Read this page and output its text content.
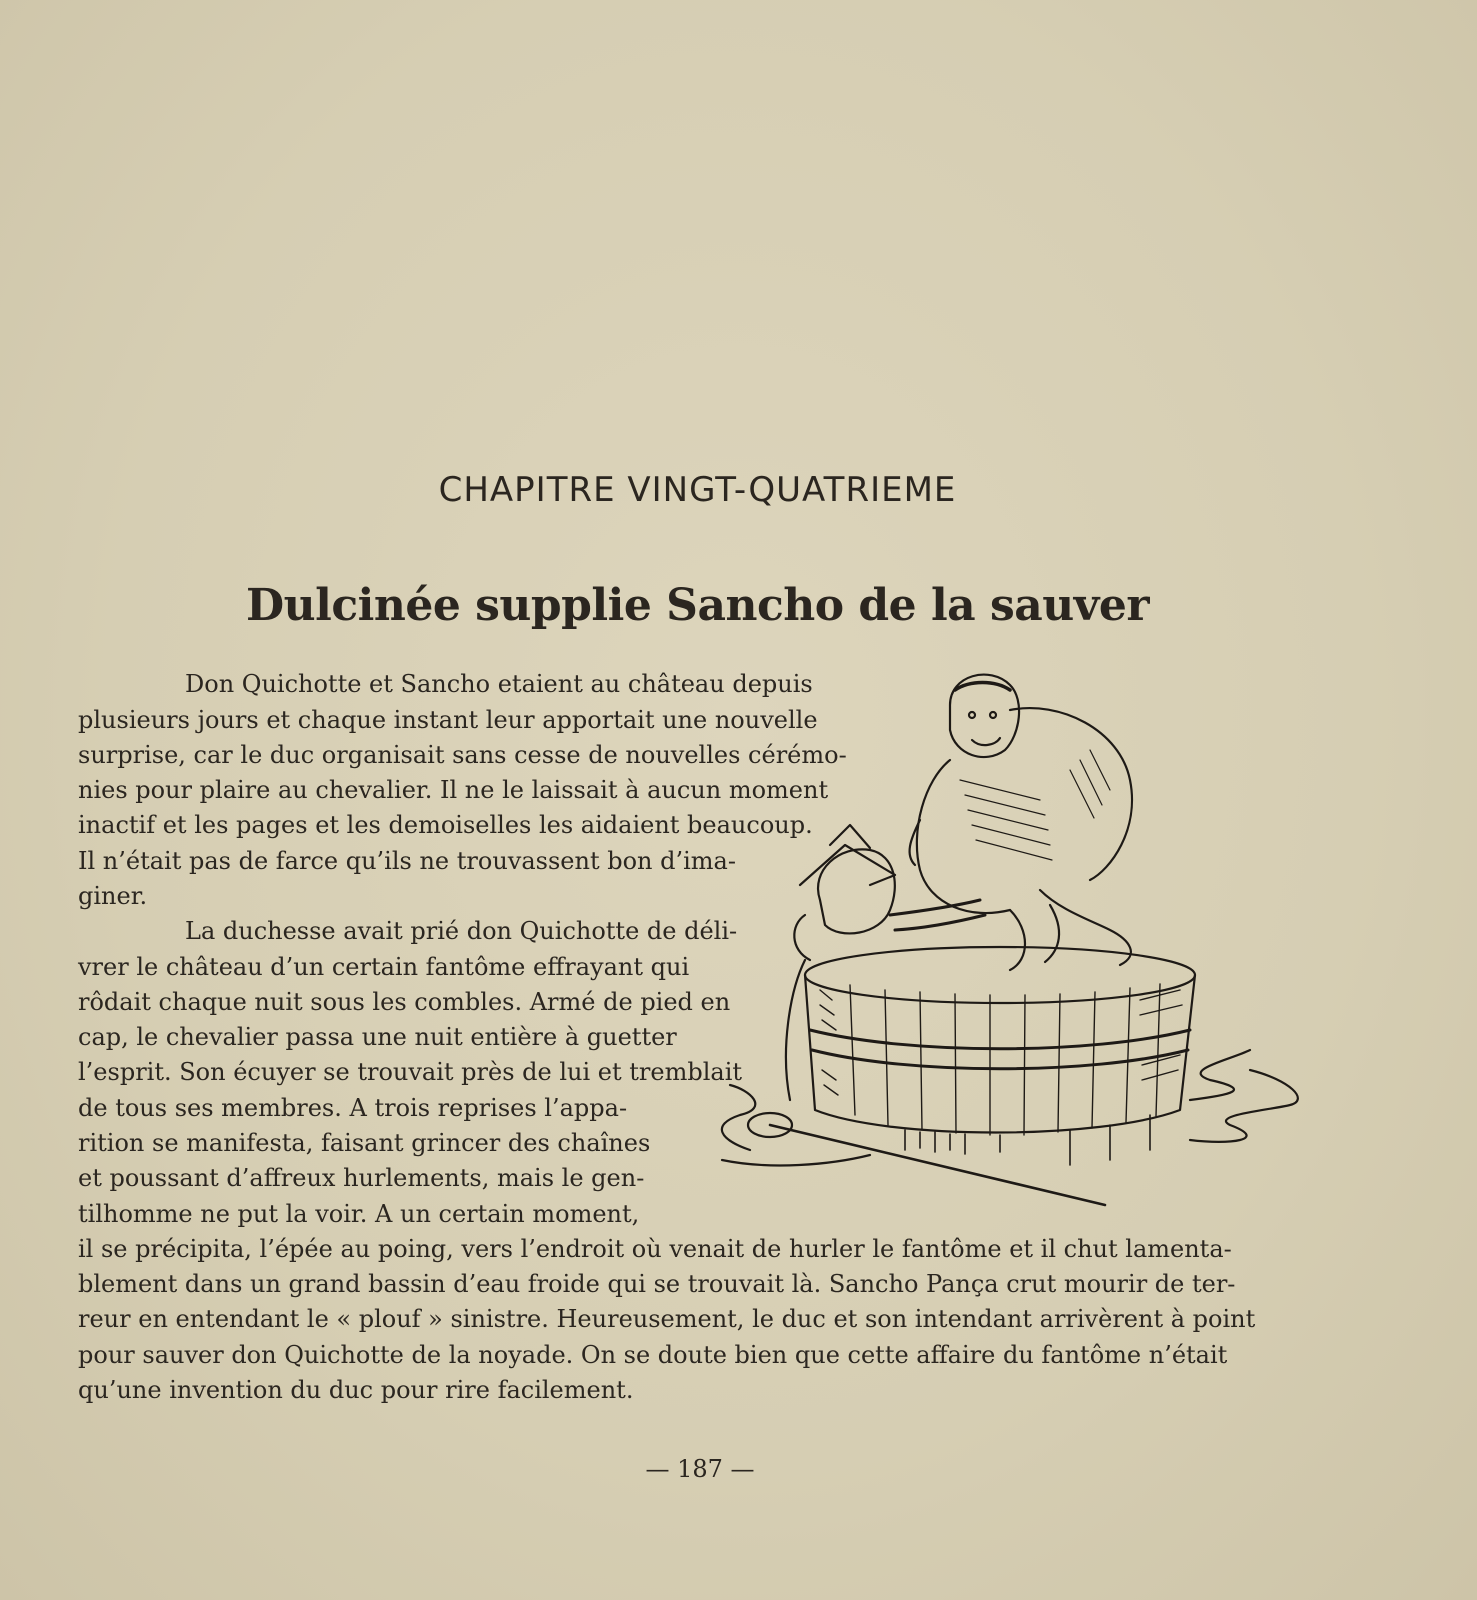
CHAPITRE VINGT-QUATRIEME
Dulcinée supplie Sancho de la sauver
Don Quichotte et Sancho etaient au château depuis
plusieurs jours et chaque instant leur apportait une nouvelle
surprise, car le duc organisait sans cesse de nouvelles cérémo-
nies pour plaire au chevalier. Il ne le laissait à aucun moment
inactif et les pages et les demoiselles les aidaient beaucoup.
Il n’était pas de farce qu’ils ne trouvassent bon d’ima-
giner.
La duchesse avait prié don Quichotte de déli-
vrer le château d’un certain fantôme effrayant qui
rôdait chaque nuit sous les combles. Armé de pied en
cap, le chevalier passa une nuit entière à guetter
l’esprit. Son écuyer se trouvait près de lui et tremblait
de tous ses membres. A trois reprises l’appa-
rition se manifesta, faisant grincer des chaînes
et poussant d’affreux hurlements, mais le gen-
tilhomme ne put la voir. A un certain moment,
il se précipita, l’épée au poing, vers l’endroit où venait de hurler le fantôme et il chut lamenta-
blement dans un grand bassin d’eau froide qui se trouvait là. Sancho Pança crut mourir de ter-
reur en entendant le « plouf » sinistre. Heureusement, le duc et son intendant arrivèrent à point
pour sauver don Quichotte de la noyade. On se doute bien que cette affaire du fantôme n’était
qu’une invention du duc pour rire facilement.
— 187 —
